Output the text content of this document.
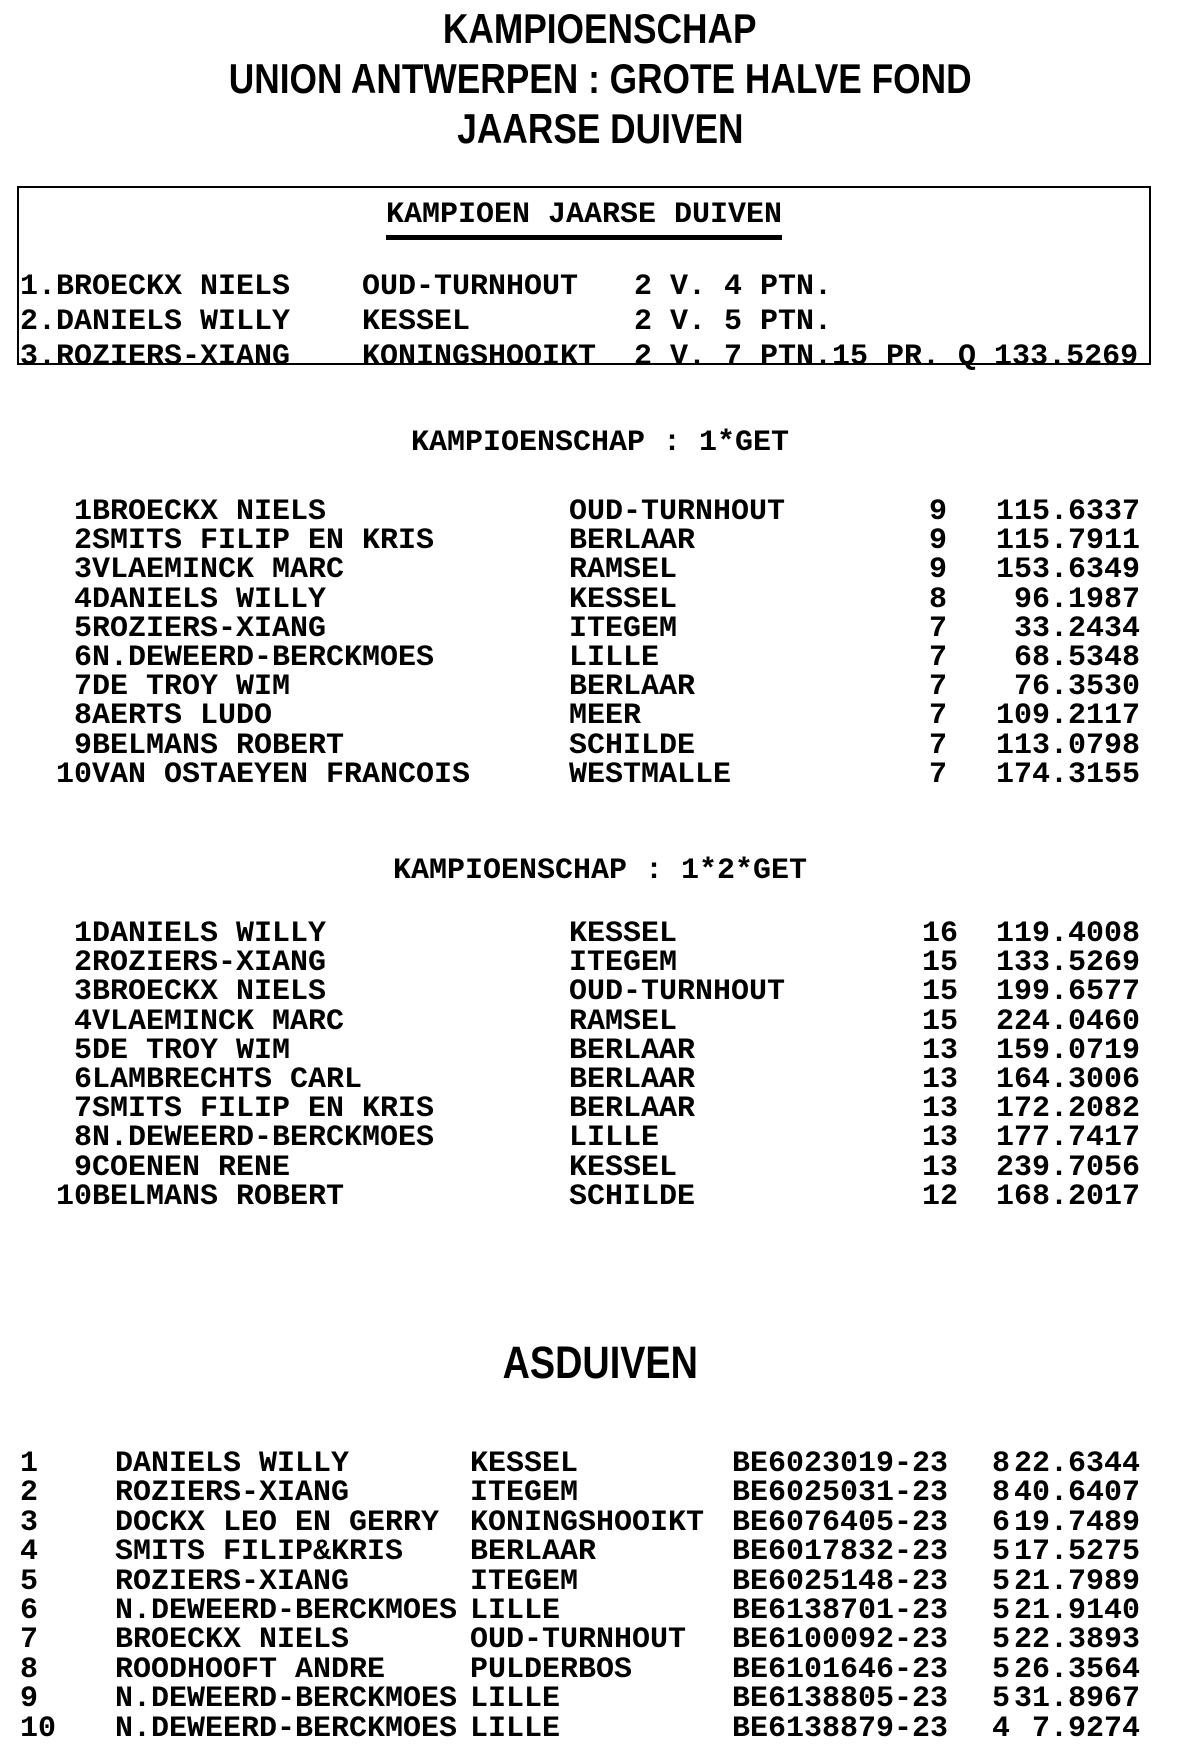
KAMPIOENSCHAP
UNION ANTWERPEN : GROTE HALVE FOND
JAARSE DUIVEN
KAMPIOEN JAARSE DUIVEN
1.BROECKX NIELS	OUD-TURNHOUT	2 V. 4 PTN.
2.DANIELS WILLY	KESSEL	2 V. 5 PTN.
3.ROZIERS-XIANG	KONINGSHOOIKT	2 V. 7 PTN.15 PR. Q 133.5269
KAMPIOENSCHAP : 1*GET
1	BROECKX NIELS	OUD-TURNHOUT	9	115.6337
2	SMITS FILIP EN KRIS	BERLAAR	9	115.7911
3	VLAEMINCK MARC	RAMSEL	9	153.6349
4	DANIELS WILLY	KESSEL	8	96.1987
5	ROZIERS-XIANG	ITEGEM	7	33.2434
6	N.DEWEERD-BERCKMOES	LILLE	7	68.5348
7	DE TROY WIM	BERLAAR	7	76.3530
8	AERTS LUDO	MEER	7	109.2117
9	BELMANS ROBERT	SCHILDE	7	113.0798
10	VAN OSTAEYEN FRANCOIS	WESTMALLE	7	174.3155
KAMPIOENSCHAP : 1*2*GET
1	DANIELS WILLY	KESSEL	16	119.4008
2	ROZIERS-XIANG	ITEGEM	15	133.5269
3	BROECKX NIELS	OUD-TURNHOUT	15	199.6577
4	VLAEMINCK MARC	RAMSEL	15	224.0460
5	DE TROY WIM	BERLAAR	13	159.0719
6	LAMBRECHTS CARL	BERLAAR	13	164.3006
7	SMITS FILIP EN KRIS	BERLAAR	13	172.2082
8	N.DEWEERD-BERCKMOES	LILLE	13	177.7417
9	COENEN RENE	KESSEL	13	239.7056
10	BELMANS ROBERT	SCHILDE	12	168.2017
ASDUIVEN
1	DANIELS WILLY	KESSEL	BE6023019-23	8	22.6344
2	ROZIERS-XIANG	ITEGEM	BE6025031-23	8	40.6407
3	DOCKX LEO EN GERRY	KONINGSHOOIKT	BE6076405-23	6	19.7489
4	SMITS FILIP&KRIS	BERLAAR	BE6017832-23	5	17.5275
5	ROZIERS-XIANG	ITEGEM	BE6025148-23	5	21.7989
6	N.DEWEERD-BERCKMOES	LILLE	BE6138701-23	5	21.9140
7	BROECKX NIELS	OUD-TURNHOUT	BE6100092-23	5	22.3893
8	ROODHOOFT ANDRE	PULDERBOS	BE6101646-23	5	26.3564
9	N.DEWEERD-BERCKMOES	LILLE	BE6138805-23	5	31.8967
10	N.DEWEERD-BERCKMOES	LILLE	BE6138879-23	4	7.9274
